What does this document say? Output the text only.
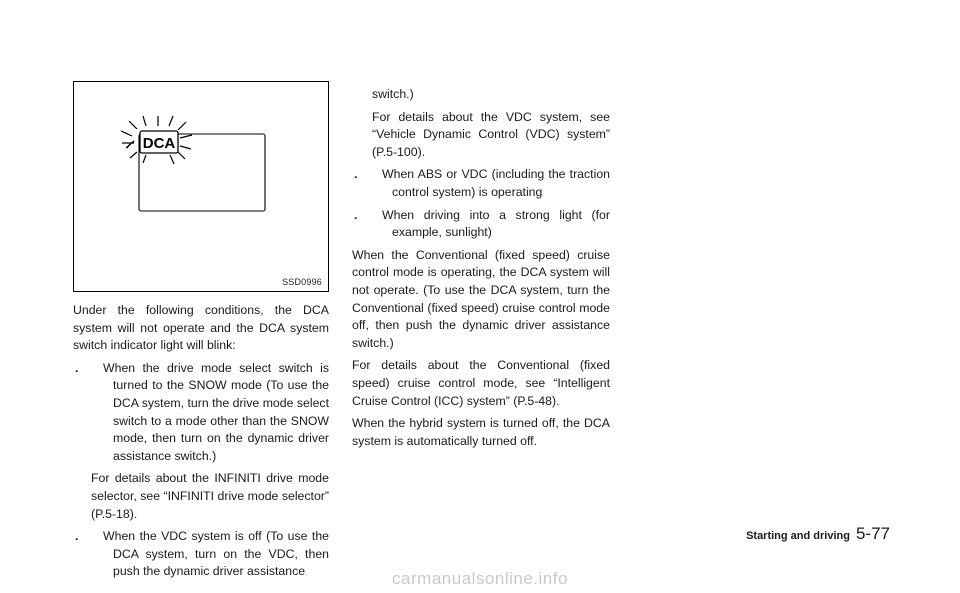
DCA
SSD0996

Under the following conditions, the DCA system will not operate and the DCA system switch indicator light will blink:

.	When the drive mode select switch is turned to the SNOW mode (To use the DCA system, turn the drive mode select switch to a mode other than the SNOW mode, then turn on the dynamic driver assistance switch.)

For details about the INFINITI drive mode selector, see “INFINITI drive mode selector” (P.5-18).

.	When the VDC system is off (To use the DCA system, turn on the VDC, then push the dynamic driver assistance

switch.)

For details about the VDC system, see “Vehicle Dynamic Control (VDC) system” (P.5-100).

.	When ABS or VDC (including the traction control system) is operating
.	When driving into a strong light (for example, sunlight)

When the Conventional (fixed speed) cruise control mode is operating, the DCA system will not operate. (To use the DCA system, turn the Conventional (fixed speed) cruise control mode off, then push the dynamic driver assistance switch.)

For details about the Conventional (fixed speed) cruise control mode, see “Intelligent Cruise Control (ICC) system” (P.5-48).

When the hybrid system is turned off, the DCA system is automatically turned off.

Starting and driving 5-77
carmanualsonline.info
